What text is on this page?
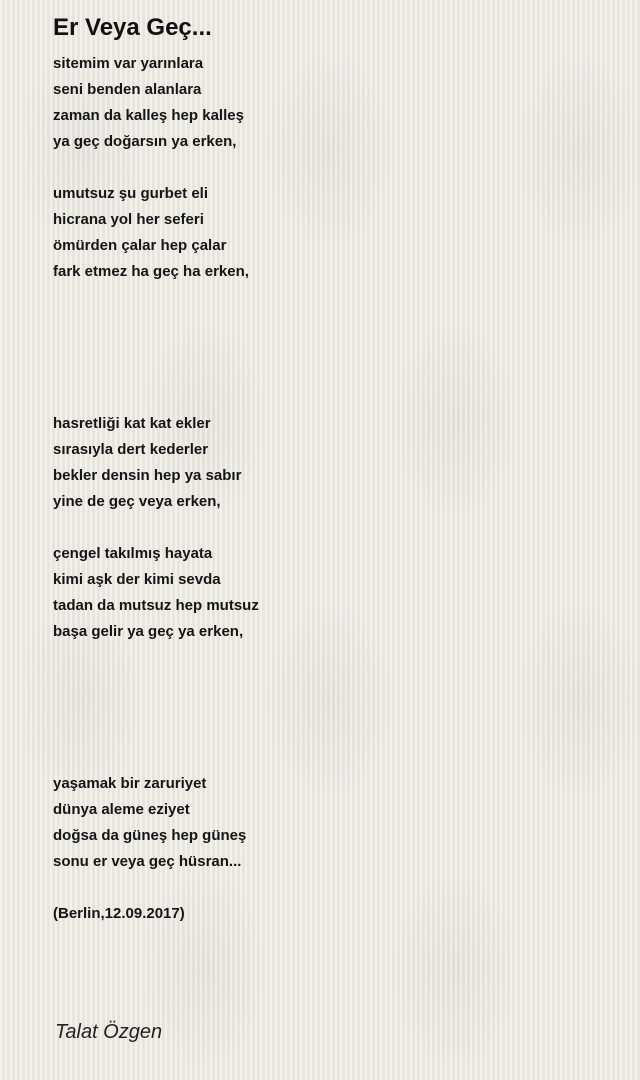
Er Veya Geç...
sitemim var yarınlara
seni benden alanlara
zaman da kalleş hep kalleş
ya geç doğarsın ya erken,
umutsuz şu gurbet eli
hicrana yol her seferi
ömürden çalar hep çalar
fark etmez ha geç ha erken,
hasretliği kat kat ekler
sırasıyla dert kederler
bekler densin hep ya sabır
yine de geç veya erken,
çengel takılmış hayata
kimi aşk der kimi sevda
tadan da mutsuz hep mutsuz
başa gelir ya geç ya erken,
yaşamak bir zaruriyet
dünya aleme eziyet
doğsa da güneş hep güneş
sonu er veya geç hüsran...
(Berlin,12.09.2017)
Talat Özgen
